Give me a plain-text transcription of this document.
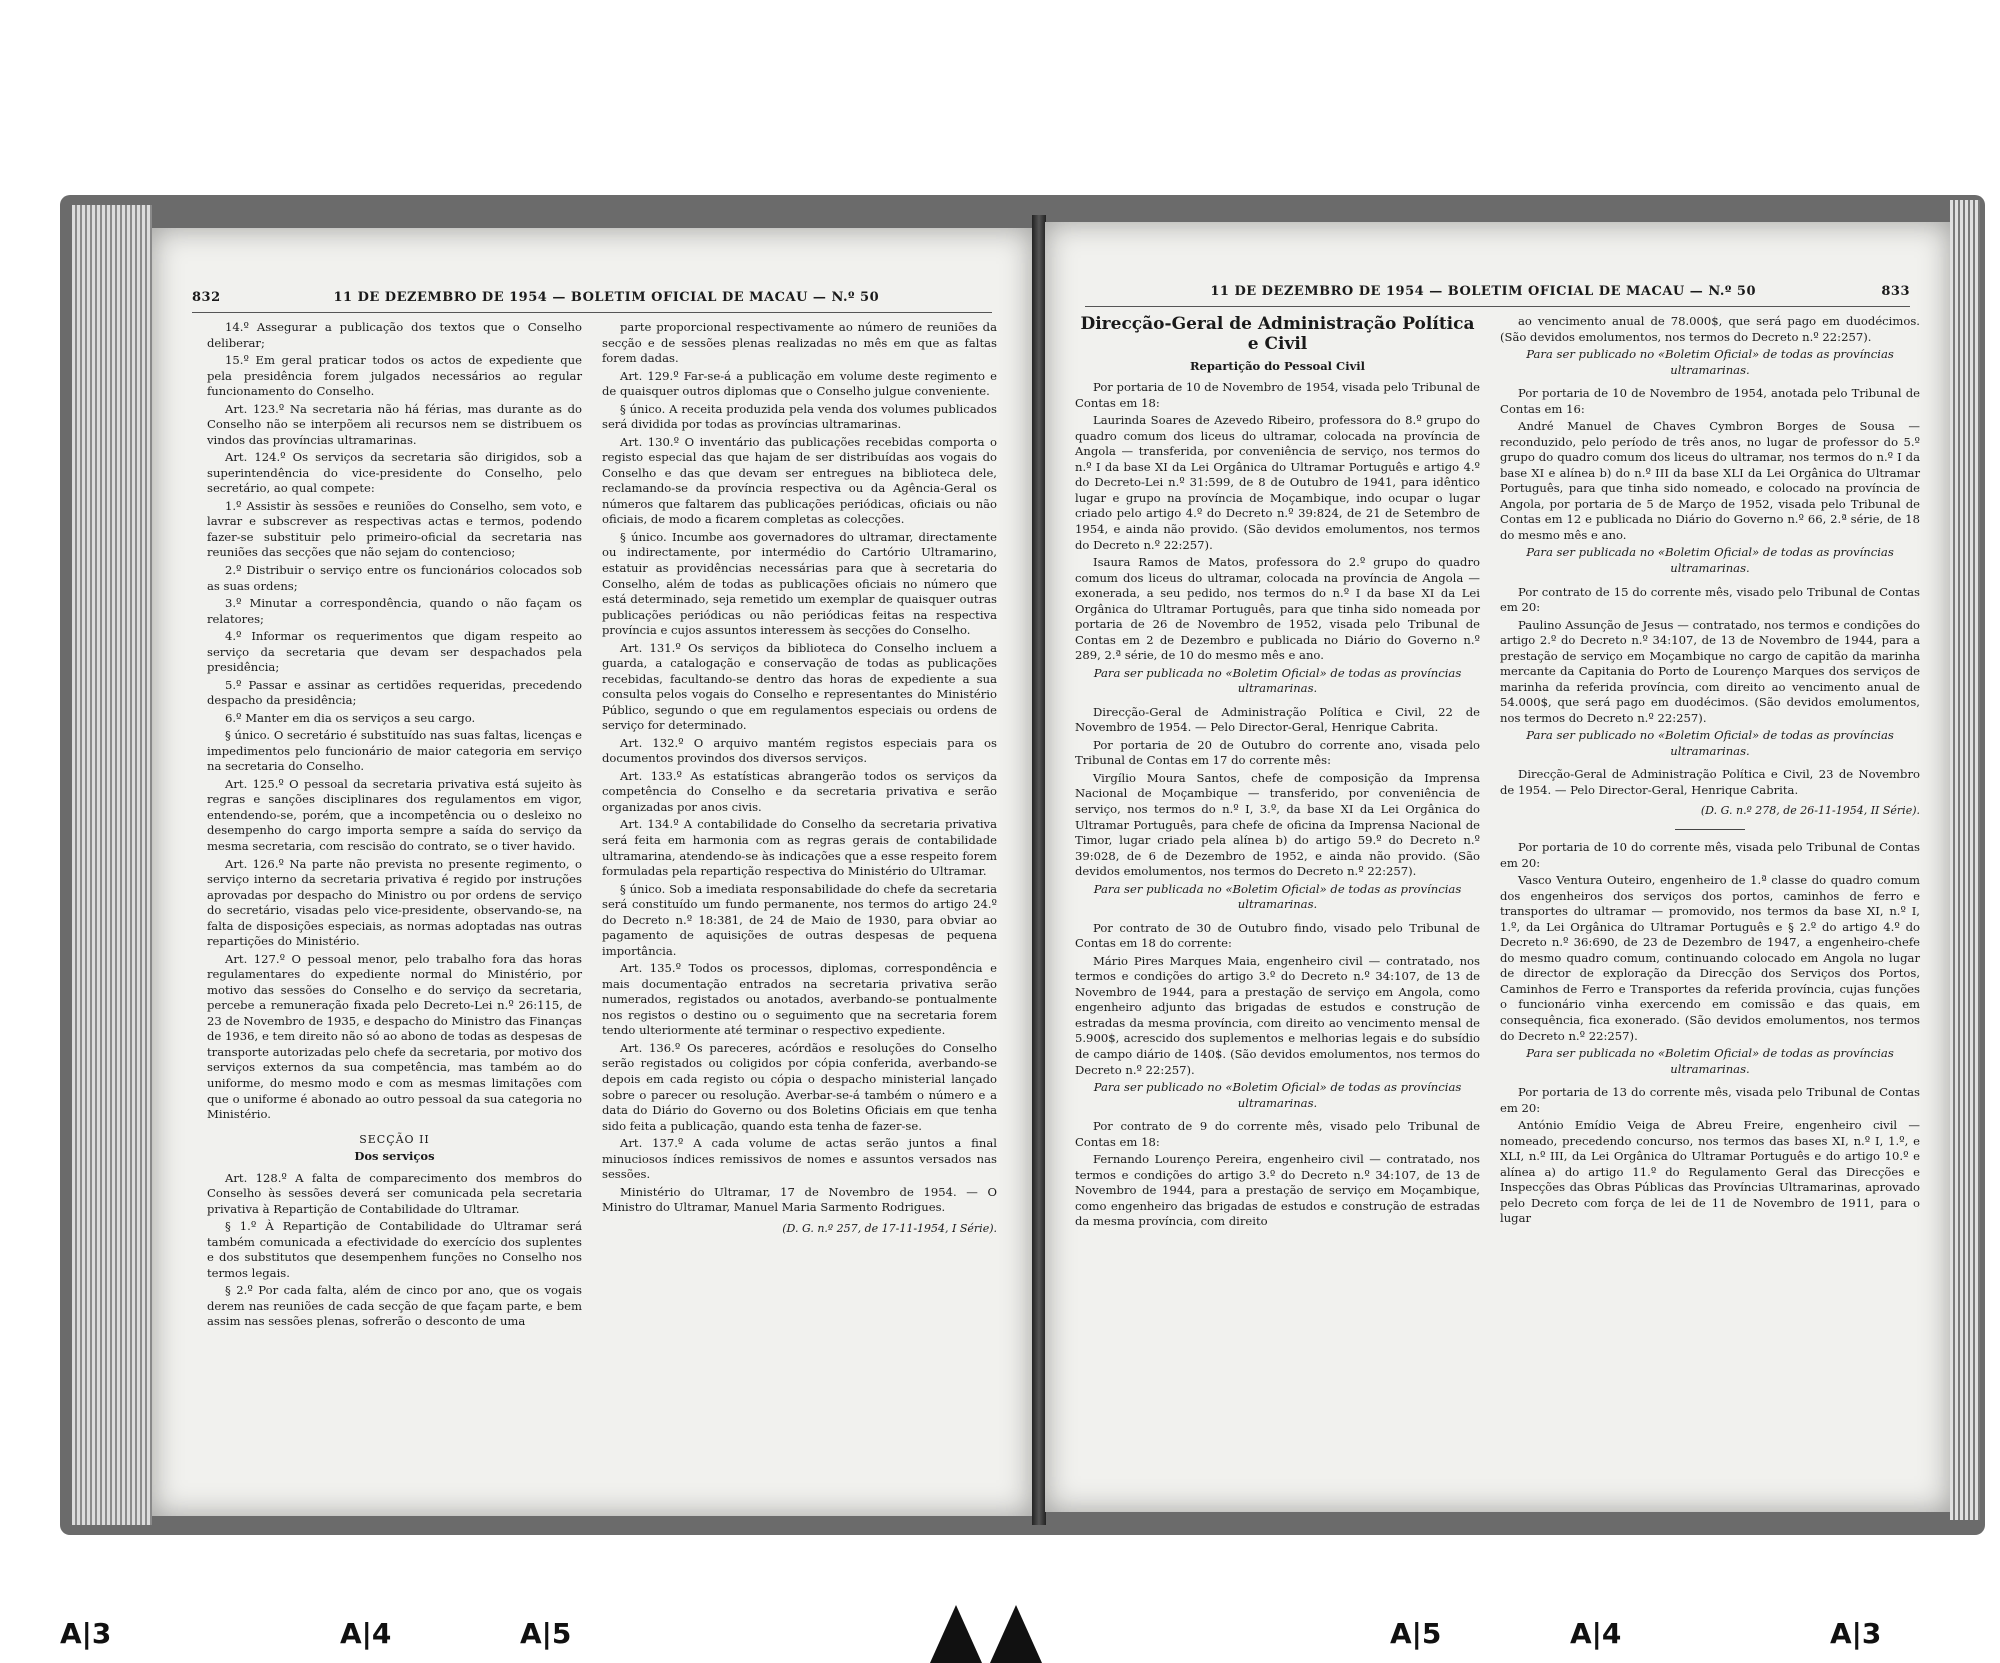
832	11 DE DEZEMBRO DE 1954 — BOLETIM OFICIAL DE MACAU — N.º 50

14.º Assegurar a publicação dos textos que o Conselho deliberar;

15.º Em geral praticar todos os actos de expediente que pela presidência forem julgados necessários ao regular funcionamento do Conselho.

Art. 123.º Na secretaria não há férias, mas durante as do Conselho não se interpõem ali recursos nem se distribuem os vindos das províncias ultramarinas.

Art. 124.º Os serviços da secretaria são dirigidos, sob a superintendência do vice-presidente do Conselho, pelo secretário, ao qual compete:

1.º Assistir às sessões e reuniões do Conselho, sem voto, e lavrar e subscrever as respectivas actas e termos, podendo fazer-se substituir pelo primeiro-oficial da secretaria nas reuniões das secções que não sejam do contencioso;

2.º Distribuir o serviço entre os funcionários colocados sob as suas ordens;

3.º Minutar a correspondência, quando o não façam os relatores;

4.º Informar os requerimentos que digam respeito ao serviço da secretaria que devam ser despachados pela presidência;

5.º Passar e assinar as certidões requeridas, precedendo despacho da presidência;

6.º Manter em dia os serviços a seu cargo.

§ único. O secretário é substituído nas suas faltas, licenças e impedimentos pelo funcionário de maior categoria em serviço na secretaria do Conselho.

Art. 125.º O pessoal da secretaria privativa está sujeito às regras e sanções disciplinares dos regulamentos em vigor, entendendo-se, porém, que a incompetência ou o desleixo no desempenho do cargo importa sempre a saída do serviço da mesma secretaria, com rescisão do contrato, se o tiver havido.

Art. 126.º Na parte não prevista no presente regimento, o serviço interno da secretaria privativa é regido por instruções aprovadas por despacho do Ministro ou por ordens de serviço do secretário, visadas pelo vice-presidente, observando-se, na falta de disposições especiais, as normas adoptadas nas outras repartições do Ministério.

Art. 127.º O pessoal menor, pelo trabalho fora das horas regulamentares do expediente normal do Ministério, por motivo das sessões do Conselho e do serviço da secretaria, percebe a remuneração fixada pelo Decreto-Lei n.º 26:115, de 23 de Novembro de 1935, e despacho do Ministro das Finanças de 1936, e tem direito não só ao abono de todas as despesas de transporte autorizadas pelo chefe da secretaria, por motivo dos serviços externos da sua competência, mas também ao do uniforme, do mesmo modo e com as mesmas limitações com que o uniforme é abonado ao outro pessoal da sua categoria no Ministério.

SECÇÃO II
Dos serviços

Art. 128.º A falta de comparecimento dos membros do Conselho às sessões deverá ser comunicada pela secretaria privativa à Repartição de Contabilidade do Ultramar.

§ 1.º À Repartição de Contabilidade do Ultramar será também comunicada a efectividade do exercício dos suplentes e dos substitutos que desempenhem funções no Conselho nos termos legais.

§ 2.º Por cada falta, além de cinco por ano, que os vogais derem nas reuniões de cada secção de que façam parte, e bem assim nas sessões plenas, sofrerão o desconto de uma

parte proporcional respectivamente ao número de reuniões da secção e de sessões plenas realizadas no mês em que as faltas forem dadas.

Art. 129.º Far-se-á a publicação em volume deste regimento e de quaisquer outros diplomas que o Conselho julgue conveniente.

§ único. A receita produzida pela venda dos volumes publicados será dividida por todas as províncias ultramarinas.

Art. 130.º O inventário das publicações recebidas comporta o registo especial das que hajam de ser distribuídas aos vogais do Conselho e das que devam ser entregues na biblioteca dele, reclamando-se da província respectiva ou da Agência-Geral os números que faltarem das publicações periódicas, oficiais ou não oficiais, de modo a ficarem completas as colecções.

§ único. Incumbe aos governadores do ultramar, directamente ou indirectamente, por intermédio do Cartório Ultramarino, estatuir as providências necessárias para que à secretaria do Conselho, além de todas as publicações oficiais no número que está determinado, seja remetido um exemplar de quaisquer outras publicações periódicas ou não periódicas feitas na respectiva província e cujos assuntos interessem às secções do Conselho.

Art. 131.º Os serviços da biblioteca do Conselho incluem a guarda, a catalogação e conservação de todas as publicações recebidas, facultando-se dentro das horas de expediente a sua consulta pelos vogais do Conselho e representantes do Ministério Público, segundo o que em regulamentos especiais ou ordens de serviço for determinado.

Art. 132.º O arquivo mantém registos especiais para os documentos provindos dos diversos serviços.

Art. 133.º As estatísticas abrangerão todos os serviços da competência do Conselho e da secretaria privativa e serão organizadas por anos civis.

Art. 134.º A contabilidade do Conselho da secretaria privativa será feita em harmonia com as regras gerais de contabilidade ultramarina, atendendo-se às indicações que a esse respeito forem formuladas pela repartição respectiva do Ministério do Ultramar.

§ único. Sob a imediata responsabilidade do chefe da secretaria será constituído um fundo permanente, nos termos do artigo 24.º do Decreto n.º 18:381, de 24 de Maio de 1930, para obviar ao pagamento de aquisições de outras despesas de pequena importância.

Art. 135.º Todos os processos, diplomas, correspondência e mais documentação entrados na secretaria privativa serão numerados, registados ou anotados, averbando-se pontualmente nos registos o destino ou o seguimento que na secretaria forem tendo ulteriormente até terminar o respectivo expediente.

Art. 136.º Os pareceres, acórdãos e resoluções do Conselho serão registados ou coligidos por cópia conferida, averbando-se depois em cada registo ou cópia o despacho ministerial lançado sobre o parecer ou resolução. Averbar-se-á também o número e a data do Diário do Governo ou dos Boletins Oficiais em que tenha sido feita a publicação, quando esta tenha de fazer-se.

Art. 137.º A cada volume de actas serão juntos a final minuciosos índices remissivos de nomes e assuntos versados nas sessões.

Ministério do Ultramar, 17 de Novembro de 1954. — O Ministro do Ultramar, Manuel Maria Sarmento Rodrigues.

(D. G. n.º 257, de 17-11-1954, I Série).
11 DE DEZEMBRO DE 1954 — BOLETIM OFICIAL DE MACAU — N.º 50	833
Direcção-Geral de Administração Política e Civil
Repartição do Pessoal Civil

Por portaria de 10 de Novembro de 1954, visada pelo Tribunal de Contas em 18:

Laurinda Soares de Azevedo Ribeiro, professora do 8.º grupo do quadro comum dos liceus do ultramar, colocada na província de Angola — transferida, por conveniência de serviço, nos termos do n.º I da base XI da Lei Orgânica do Ultramar Português e artigo 4.º do Decreto-Lei n.º 31:599, de 8 de Outubro de 1941, para idêntico lugar e grupo na província de Moçambique, indo ocupar o lugar criado pelo artigo 4.º do Decreto n.º 39:824, de 21 de Setembro de 1954, e ainda não provido. (São devidos emolumentos, nos termos do Decreto n.º 22:257).

Isaura Ramos de Matos, professora do 2.º grupo do quadro comum dos liceus do ultramar, colocada na província de Angola — exonerada, a seu pedido, nos termos do n.º I da base XI da Lei Orgânica do Ultramar Português, para que tinha sido nomeada por portaria de 26 de Novembro de 1952, visada pelo Tribunal de Contas em 2 de Dezembro e publicada no Diário do Governo n.º 289, 2.ª série, de 10 do mesmo mês e ano.

Para ser publicada no «Boletim Oficial» de todas as províncias ultramarinas.

Direcção-Geral de Administração Política e Civil, 22 de Novembro de 1954. — Pelo Director-Geral, Henrique Cabrita.

Por portaria de 20 de Outubro do corrente ano, visada pelo Tribunal de Contas em 17 do corrente mês:

Virgílio Moura Santos, chefe de composição da Imprensa Nacional de Moçambique — transferido, por conveniência de serviço, nos termos do n.º I, 3.º, da base XI da Lei Orgânica do Ultramar Português, para chefe de oficina da Imprensa Nacional de Timor, lugar criado pela alínea b) do artigo 59.º do Decreto n.º 39:028, de 6 de Dezembro de 1952, e ainda não provido. (São devidos emolumentos, nos termos do Decreto n.º 22:257).

Para ser publicada no «Boletim Oficial» de todas as províncias ultramarinas.

Por contrato de 30 de Outubro findo, visado pelo Tribunal de Contas em 18 do corrente:

Mário Pires Marques Maia, engenheiro civil — contratado, nos termos e condições do artigo 3.º do Decreto n.º 34:107, de 13 de Novembro de 1944, para a prestação de serviço em Angola, como engenheiro adjunto das brigadas de estudos e construção de estradas da mesma província, com direito ao vencimento mensal de 5.900$, acrescido dos suplementos e melhorias legais e do subsídio de campo diário de 140$. (São devidos emolumentos, nos termos do Decreto n.º 22:257).

Para ser publicado no «Boletim Oficial» de todas as províncias ultramarinas.

Por contrato de 9 do corrente mês, visado pelo Tribunal de Contas em 18:

Fernando Lourenço Pereira, engenheiro civil — contratado, nos termos e condições do artigo 3.º do Decreto n.º 34:107, de 13 de Novembro de 1944, para a prestação de serviço em Moçambique, como engenheiro das brigadas de estudos e construção de estradas da mesma província, com direito

ao vencimento anual de 78.000$, que será pago em duodécimos. (São devidos emolumentos, nos termos do Decreto n.º 22:257).

Para ser publicado no «Boletim Oficial» de todas as províncias ultramarinas.

Por portaria de 10 de Novembro de 1954, anotada pelo Tribunal de Contas em 16:

André Manuel de Chaves Cymbron Borges de Sousa — reconduzido, pelo período de três anos, no lugar de professor do 5.º grupo do quadro comum dos liceus do ultramar, nos termos do n.º I da base XI e alínea b) do n.º III da base XLI da Lei Orgânica do Ultramar Português, para que tinha sido nomeado, e colocado na província de Angola, por portaria de 5 de Março de 1952, visada pelo Tribunal de Contas em 12 e publicada no Diário do Governo n.º 66, 2.ª série, de 18 do mesmo mês e ano.

Para ser publicada no «Boletim Oficial» de todas as províncias ultramarinas.

Por contrato de 15 do corrente mês, visado pelo Tribunal de Contas em 20:

Paulino Assunção de Jesus — contratado, nos termos e condições do artigo 2.º do Decreto n.º 34:107, de 13 de Novembro de 1944, para a prestação de serviço em Moçambique no cargo de capitão da marinha mercante da Capitania do Porto de Lourenço Marques dos serviços de marinha da referida província, com direito ao vencimento anual de 54.000$, que será pago em duodécimos. (São devidos emolumentos, nos termos do Decreto n.º 22:257).

Para ser publicado no «Boletim Oficial» de todas as províncias ultramarinas.

Direcção-Geral de Administração Política e Civil, 23 de Novembro de 1954. — Pelo Director-Geral, Henrique Cabrita.

(D. G. n.º 278, de 26-11-1954, II Série).

Por portaria de 10 do corrente mês, visada pelo Tribunal de Contas em 20:

Vasco Ventura Outeiro, engenheiro de 1.ª classe do quadro comum dos engenheiros dos serviços dos portos, caminhos de ferro e transportes do ultramar — promovido, nos termos da base XI, n.º I, 1.º, da Lei Orgânica do Ultramar Português e § 2.º do artigo 4.º do Decreto n.º 36:690, de 23 de Dezembro de 1947, a engenheiro-chefe do mesmo quadro comum, continuando colocado em Angola no lugar de director de exploração da Direcção dos Serviços dos Portos, Caminhos de Ferro e Transportes da referida província, cujas funções o funcionário vinha exercendo em comissão e das quais, em consequência, fica exonerado. (São devidos emolumentos, nos termos do Decreto n.º 22:257).

Para ser publicada no «Boletim Oficial» de todas as províncias ultramarinas.

Por portaria de 13 do corrente mês, visada pelo Tribunal de Contas em 20:

António Emídio Veiga de Abreu Freire, engenheiro civil — nomeado, precedendo concurso, nos termos das bases XI, n.º I, 1.º, e XLI, n.º III, da Lei Orgânica do Ultramar Português e do artigo 10.º e alínea a) do artigo 11.º do Regulamento Geral das Direcções e Inspecções das Obras Públicas das Províncias Ultramarinas, aprovado pelo Decreto com força de lei de 11 de Novembro de 1911, para o lugar

A|3	A|4	A|5	A|5	A|4	A|3
